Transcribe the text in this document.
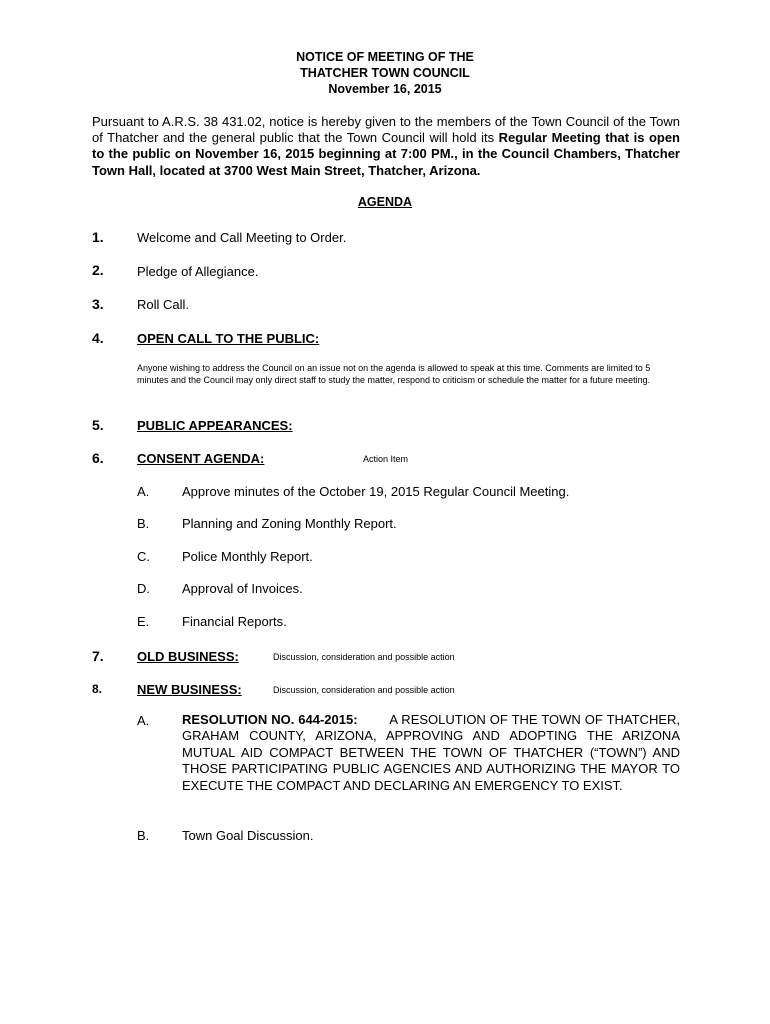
NOTICE OF MEETING OF THE
THATCHER TOWN COUNCIL
November 16, 2015
Pursuant to A.R.S. 38 431.02, notice is hereby given to the members of the Town Council of the Town of Thatcher and the general public that the Town Council will hold its Regular Meeting that is open to the public on November 16, 2015 beginning at 7:00 PM., in the Council Chambers, Thatcher Town Hall, located at 3700 West Main Street, Thatcher, Arizona.
AGENDA
1.	Welcome and Call Meeting to Order.
2.	Pledge of Allegiance.
3.	Roll Call.
4.	OPEN CALL TO THE PUBLIC:
Anyone wishing to address the Council on an issue not on the agenda is allowed to speak at this time. Comments are limited to 5 minutes and the Council may only direct staff to study the matter, respond to criticism or schedule the matter for a future meeting.
5.	PUBLIC APPEARANCES:
6.	CONSENT AGENDA:	Action Item
A.	Approve minutes of the October 19, 2015 Regular Council Meeting.
B.	Planning and Zoning Monthly Report.
C. Police Monthly Report.
D. Approval of Invoices.
E.	Financial Reports.
7.	OLD BUSINESS:	Discussion, consideration and possible action
8.	NEW BUSINESS:	Discussion, consideration and possible action
A.	RESOLUTION NO. 644-2015: A RESOLUTION OF THE TOWN OF THATCHER, GRAHAM COUNTY, ARIZONA, APPROVING AND ADOPTING THE ARIZONA MUTUAL AID COMPACT BETWEEN THE TOWN OF THATCHER (“TOWN”) AND THOSE PARTICIPATING PUBLIC AGENCIES AND AUTHORIZING THE MAYOR TO EXECUTE THE COMPACT AND DECLARING AN EMERGENCY TO EXIST.
B.	Town Goal Discussion.
